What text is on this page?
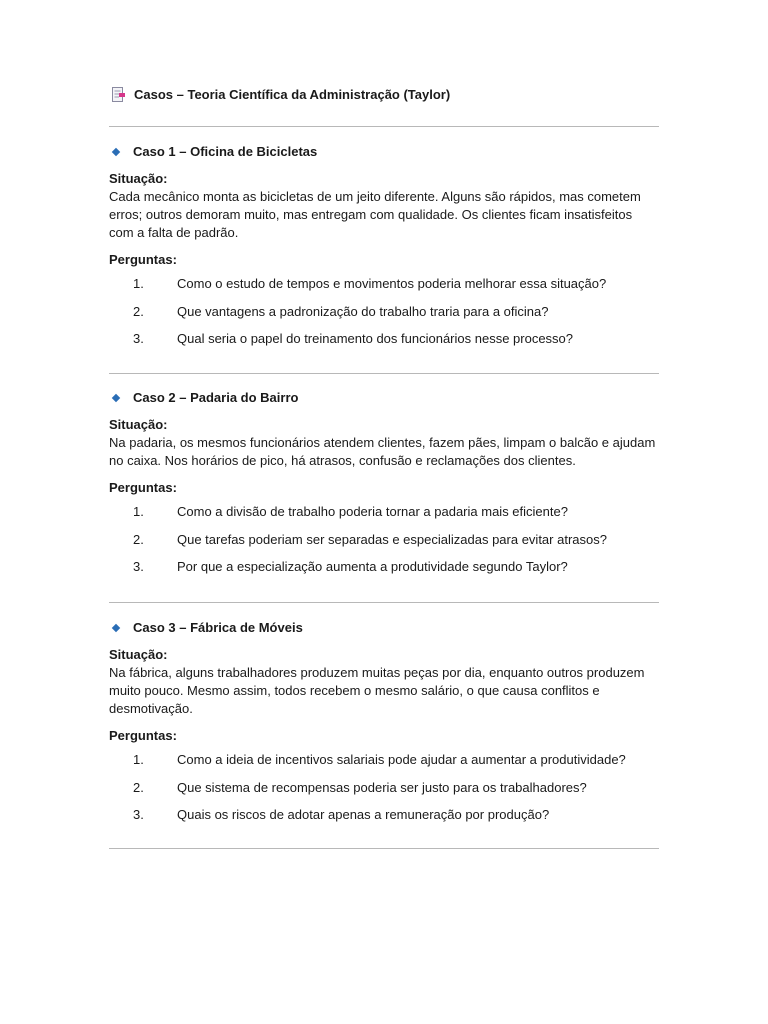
Casos – Teoria Científica da Administração (Taylor)
Caso 1 – Oficina de Bicicletas
Situação:
Cada mecânico monta as bicicletas de um jeito diferente. Alguns são rápidos, mas cometem erros; outros demoram muito, mas entregam com qualidade. Os clientes ficam insatisfeitos com a falta de padrão.
Perguntas:
1.	Como o estudo de tempos e movimentos poderia melhorar essa situação?
2.	Que vantagens a padronização do trabalho traria para a oficina?
3.	Qual seria o papel do treinamento dos funcionários nesse processo?
Caso 2 – Padaria do Bairro
Situação:
Na padaria, os mesmos funcionários atendem clientes, fazem pães, limpam o balcão e ajudam no caixa. Nos horários de pico, há atrasos, confusão e reclamações dos clientes.
Perguntas:
1.	Como a divisão de trabalho poderia tornar a padaria mais eficiente?
2.	Que tarefas poderiam ser separadas e especializadas para evitar atrasos?
3.	Por que a especialização aumenta a produtividade segundo Taylor?
Caso 3 – Fábrica de Móveis
Situação:
Na fábrica, alguns trabalhadores produzem muitas peças por dia, enquanto outros produzem muito pouco. Mesmo assim, todos recebem o mesmo salário, o que causa conflitos e desmotivação.
Perguntas:
1.	Como a ideia de incentivos salariais pode ajudar a aumentar a produtividade?
2.	Que sistema de recompensas poderia ser justo para os trabalhadores?
3.	Quais os riscos de adotar apenas a remuneração por produção?
